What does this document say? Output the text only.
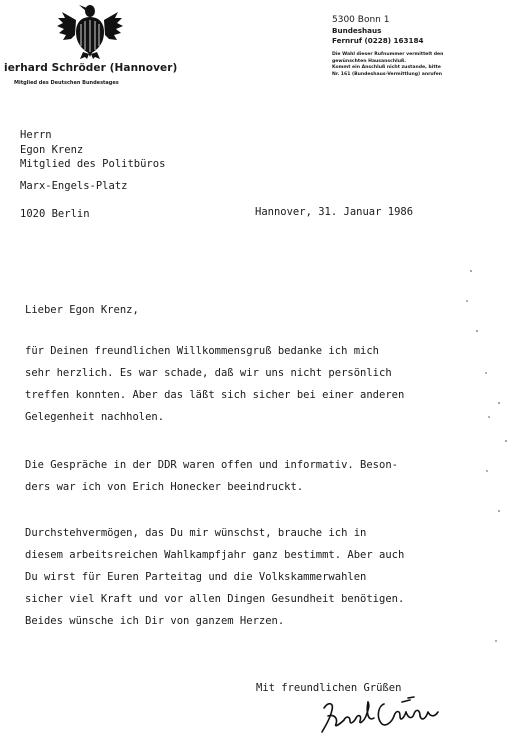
ierhard Schröder (Hannover)
Mitglied des Deutschen Bundestages
5300 Bonn 1
Bundeshaus
Fernruf (0228) 163184
Die Wahl dieser Rufnummer vermittelt den
gewünschten Hausanschluß.
Kommt ein Anschluß nicht zustande, bitte
Nr. 161 (Bundeshaus-Vermittlung) anrufen
Herrn
Egon Krenz
Mitglied des Politbüros
Marx-Engels-Platz
1020 Berlin	Hannover, 31. Januar 1986
Lieber Egon Krenz,
für Deinen freundlichen Willkommensgruß bedanke ich mich
sehr herzlich. Es war schade, daß wir uns nicht persönlich
treffen konnten. Aber das läßt sich sicher bei einer anderen
Gelegenheit nachholen.
Die Gespräche in der DDR waren offen und informativ. Beson-
ders war ich von Erich Honecker beeindruckt.
Durchstehvermögen, das Du mir wünschst, brauche ich in
diesem arbeitsreichen Wahlkampfjahr ganz bestimmt. Aber auch
Du wirst für Euren Parteitag und die Volkskammerwahlen
sicher viel Kraft und vor allen Dingen Gesundheit benötigen.
Beides wünsche ich Dir von ganzem Herzen.
Mit freundlichen Grüßen
